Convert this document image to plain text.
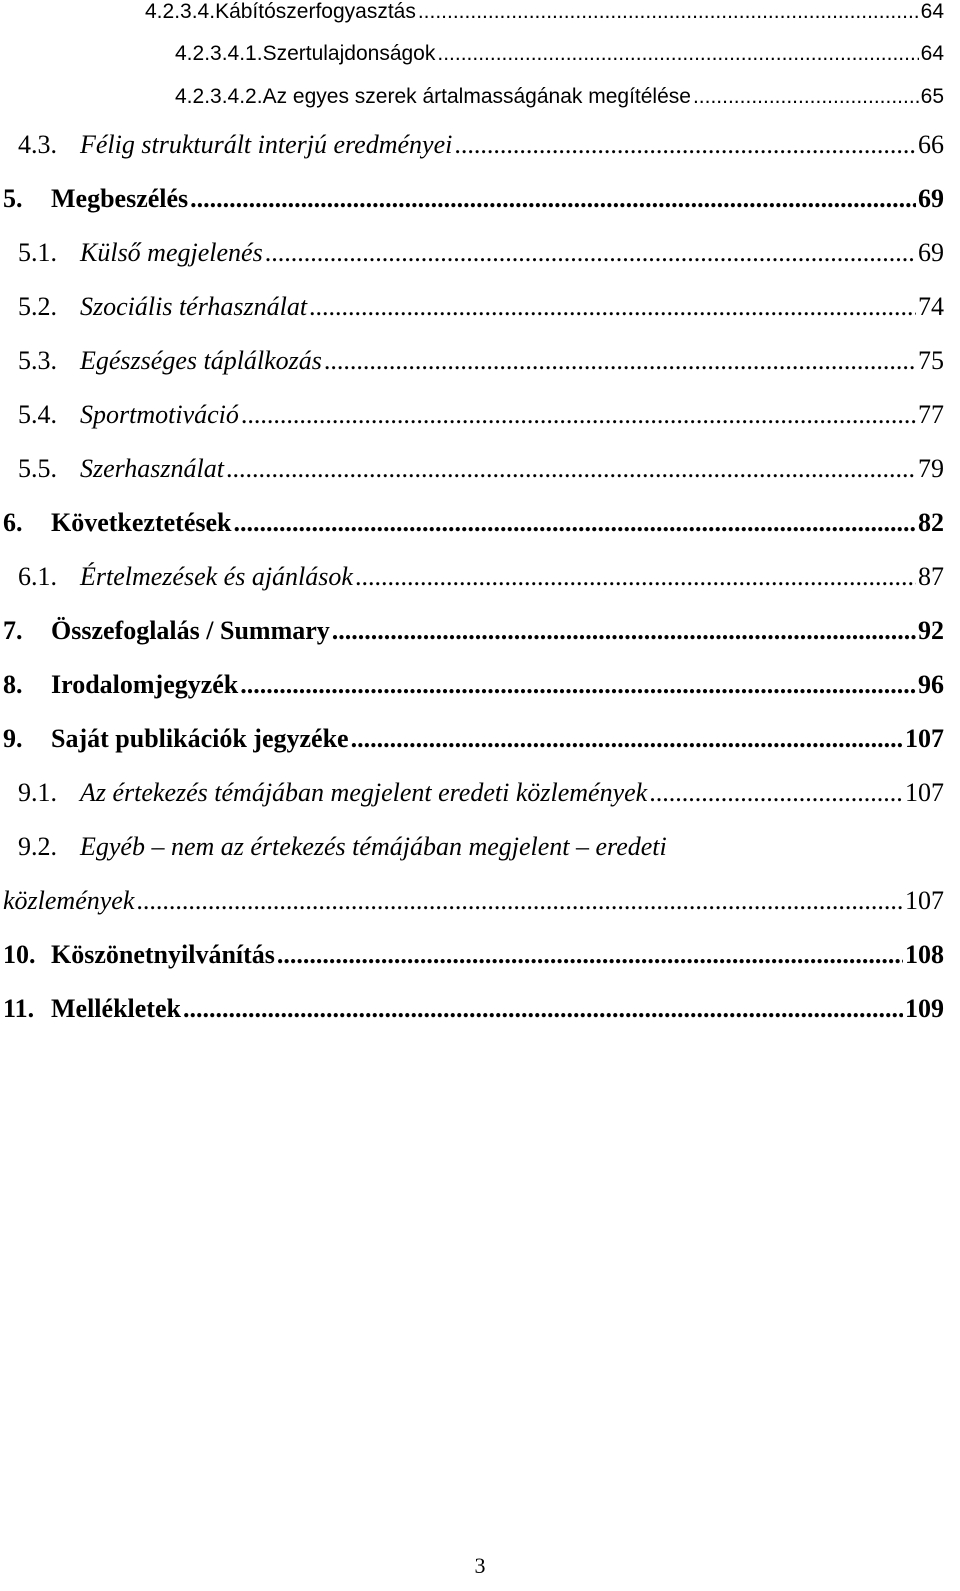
4.2.3.4. Kábítószerfogyasztás .....	64
4.2.3.4.1. Szertulajdonságok .....	64
4.2.3.4.2. Az egyes szerek ártalmasságának megítélése .....	65
4.3. Félig strukturált interjú eredményei .....	66
5.	Megbeszélés .....	69
5.1. Külső megjelenés .....	69
5.2. Szociális térhasználat .....	74
5.3. Egészséges táplálkozás .....	75
5.4. Sportmotiváció .....	77
5.5. Szerhasználat .....	79
6.	Következtetések .....	82
6.1. Értelmezések és ajánlások .....	87
7.	Összefoglalás / Summary .....	92
8.	Irodalomjegyzék .....	96
9.	Saját publikációk jegyzéke .....	107
9.1. Az értekezés témájában megjelent eredeti közlemények .....	107
9.2. Egyéb – nem az értekezés témájában megjelent – eredeti
közlemények .....	107
10. Köszönetnyilvánítás .....	108
11. Mellékletek .....	109
3
